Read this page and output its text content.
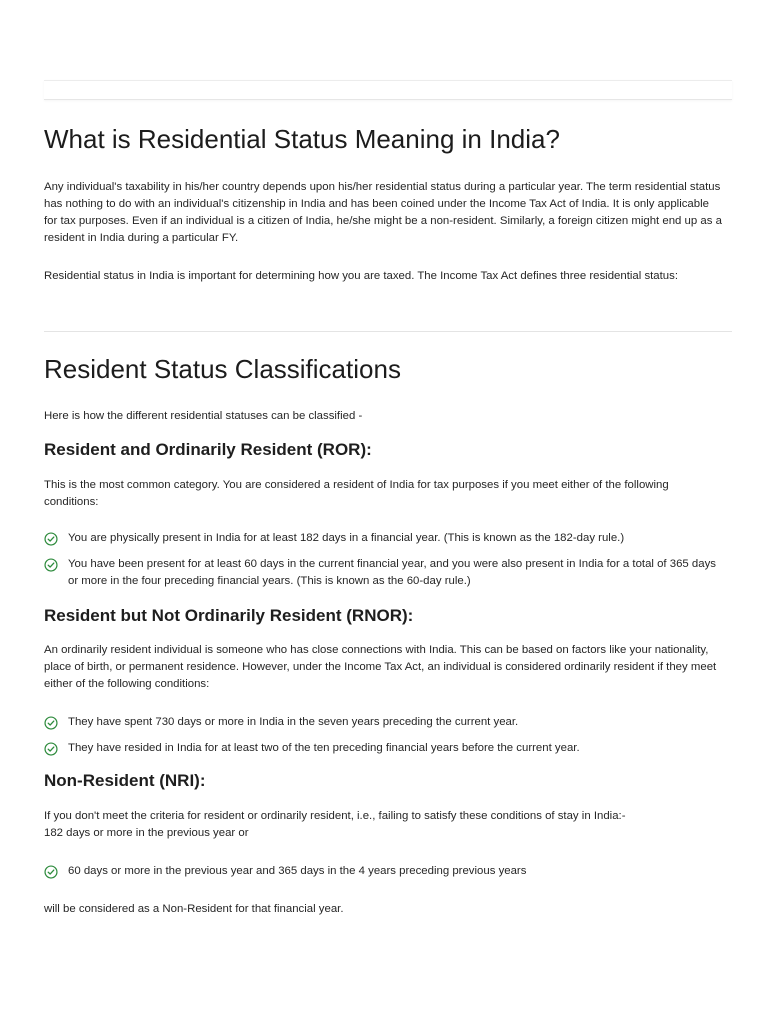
What is Residential Status Meaning in India?

Any individual's taxability in his/her country depends upon his/her residential status during a particular year. The term residential status has nothing to do with an individual's citizenship in India and has been coined under the Income Tax Act of India. It is only applicable for tax purposes. Even if an individual is a citizen of India, he/she might be a non-resident. Similarly, a foreign citizen might end up as a resident in India during a particular FY.

Residential status in India is important for determining how you are taxed. The Income Tax Act defines three residential status:

Resident Status Classifications

Here is how the different residential statuses can be classified -

Resident and Ordinarily Resident (ROR):

This is the most common category. You are considered a resident of India for tax purposes if you meet either of the following conditions:

You are physically present in India for at least 182 days in a financial year. (This is known as the 182-day rule.)
You have been present for at least 60 days in the current financial year, and you were also present in India for a total of 365 days or more in the four preceding financial years. (This is known as the 60-day rule.)
Resident but Not Ordinarily Resident (RNOR):

An ordinarily resident individual is someone who has close connections with India. This can be based on factors like your nationality, place of birth, or permanent residence. However, under the Income Tax Act, an individual is considered ordinarily resident if they meet either of the following conditions:

They have spent 730 days or more in India in the seven years preceding the current year.
They have resided in India for at least two of the ten preceding financial years before the current year.
Non-Resident (NRI):

If you don't meet the criteria for resident or ordinarily resident, i.e., failing to satisfy these conditions of stay in India:-

182 days or more in the previous year or

60 days or more in the previous year and 365 days in the 4 years preceding previous years

will be considered as a Non-Resident for that financial year.
